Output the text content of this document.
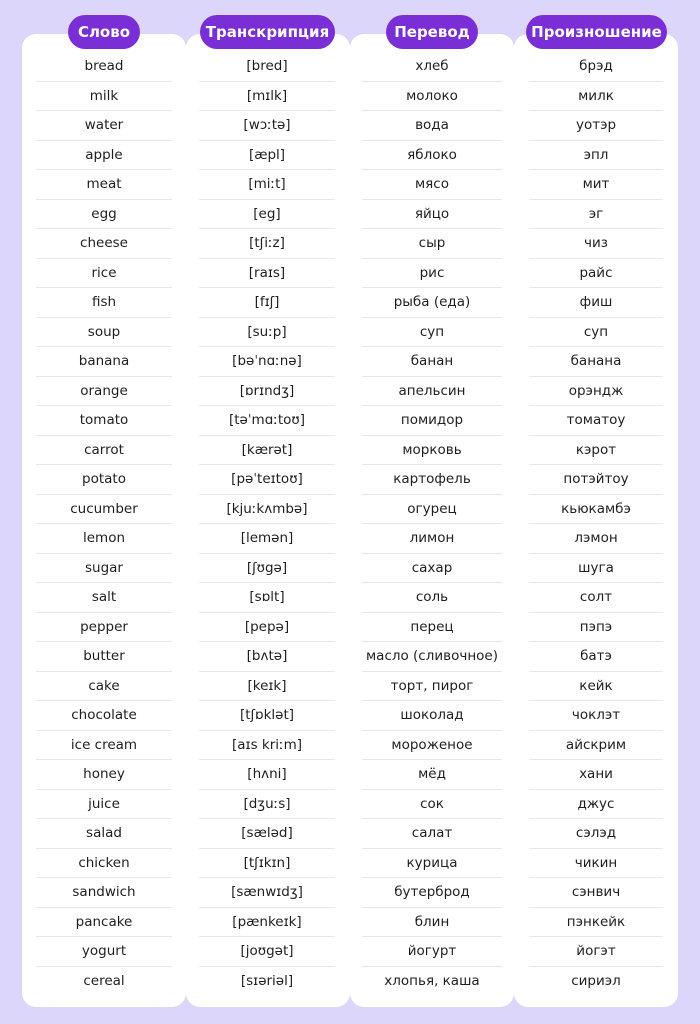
Слово	Транскрипция	Перевод	Произношение
bread	[bred]	хлеб	брэд
milk	[mɪlk]	молоко	милк
water	[wɔːtə]	вода	уотэр
apple	[æpl]	яблоко	эпл
meat	[miːt]	мясо	мит
egg	[eg]	яйцо	эг
cheese	[tʃiːz]	сыр	чиз
rice	[raɪs]	рис	райс
fish	[fɪʃ]	рыба (еда)	фиш
soup	[suːp]	суп	суп
banana	[bəˈnɑːnə]	банан	банана
orange	[ɒrɪndʒ]	апельсин	орэндж
tomato	[təˈmɑːtoʊ]	помидор	томатоу
carrot	[kærət]	морковь	кэрот
potato	[pəˈteɪtoʊ]	картофель	потэйтоу
cucumber	[kjuːkʌmbə]	огурец	кьюкамбэ
lemon	[lemən]	лимон	лэмон
sugar	[ʃʊgə]	сахар	шуга
salt	[sɒlt]	соль	солт
pepper	[pepə]	перец	пэпэ
butter	[bʌtə]	масло (сливочное)	батэ
cake	[keɪk]	торт, пирог	кейк
chocolate	[tʃɒklət]	шоколад	чоклэт
ice cream	[aɪs kriːm]	мороженое	айскрим
honey	[hʌni]	мёд	хани
juice	[dʒuːs]	сок	джус
salad	[sæləd]	салат	сэлэд
chicken	[tʃɪkɪn]	курица	чикин
sandwich	[sænwɪdʒ]	бутерброд	сэнвич
pancake	[pænkeɪk]	блин	пэнкейк
yogurt	[joʊgət]	йогурт	йогэт
cereal	[sɪəriəl]	хлопья, каша	сириэл
